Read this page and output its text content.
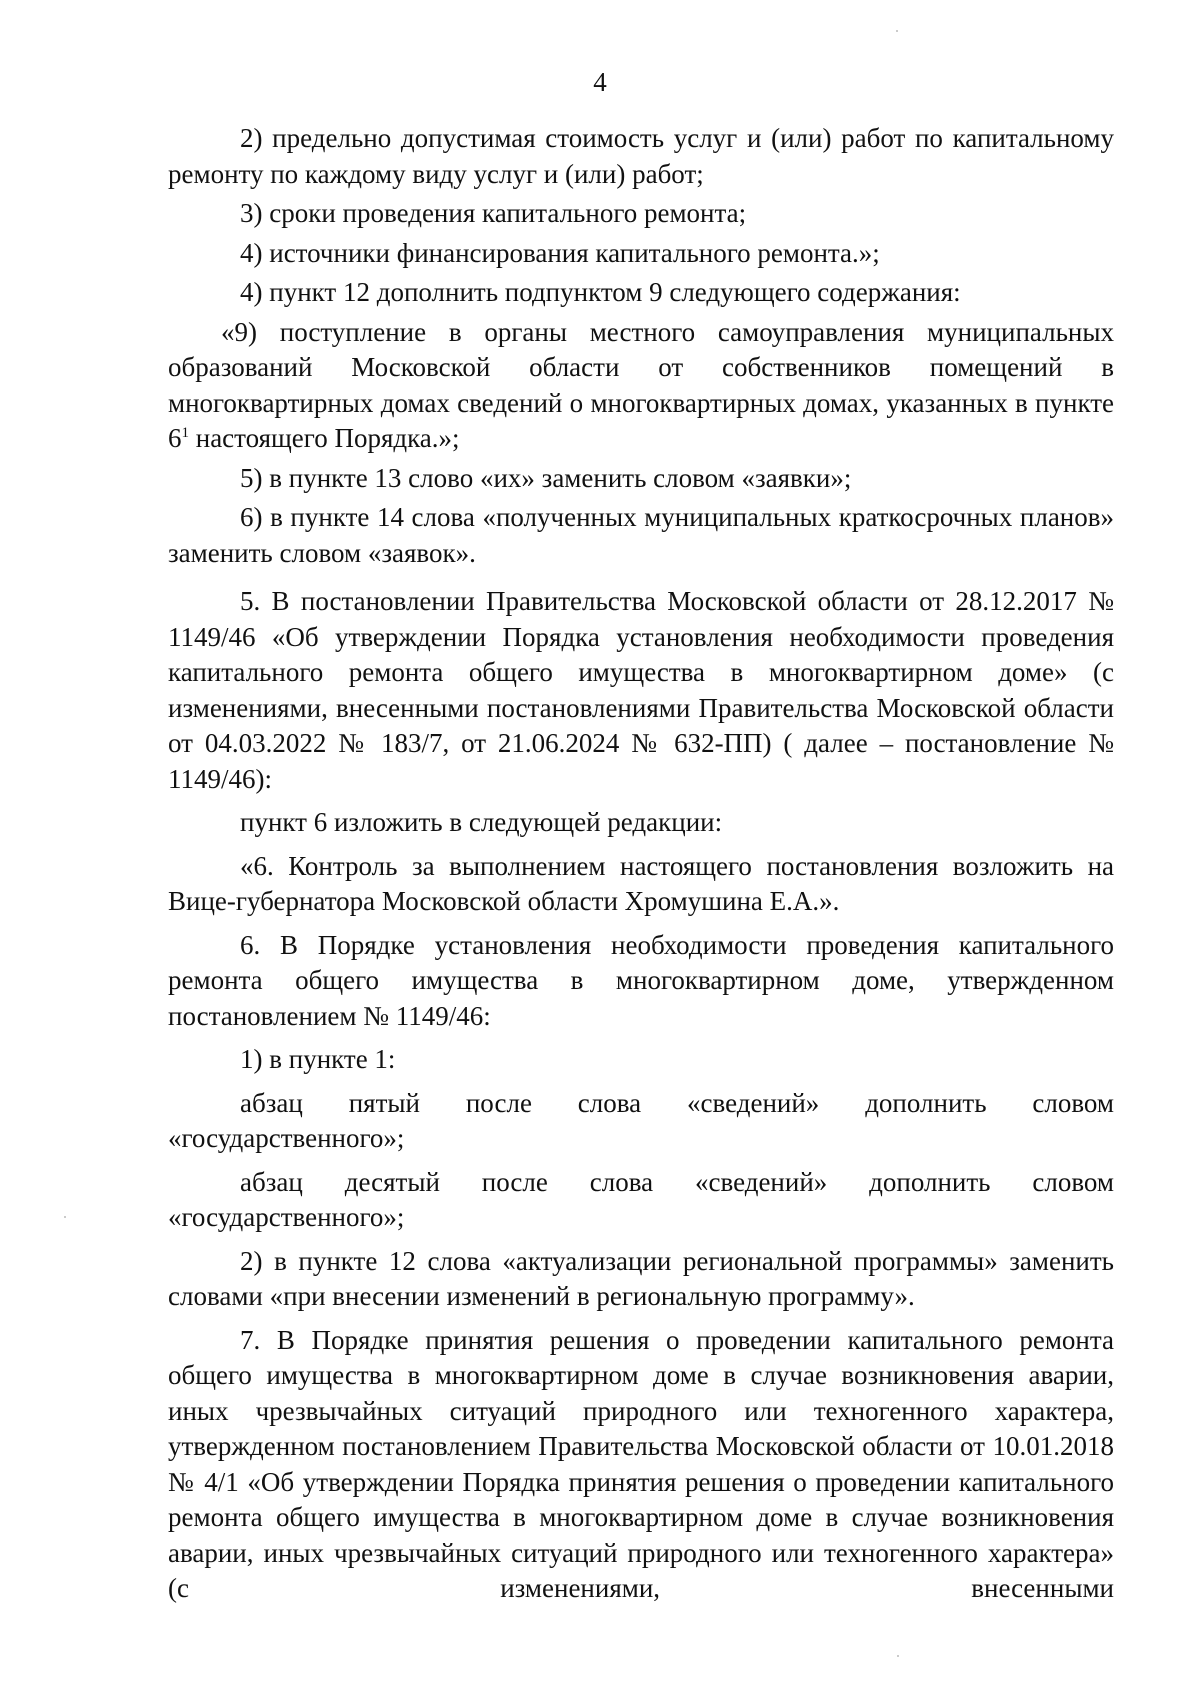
4

2) предельно допустимая стоимость услуг и (или) работ по капитальному ремонту по каждому виду услуг и (или) работ;

3) сроки проведения капитального ремонта;

4) источники финансирования капитального ремонта.»;

4) пункт 12 дополнить подпунктом 9 следующего содержания:

«9) поступление в органы местного самоуправления муниципальных образований Московской области от собственников помещений в многоквартирных домах сведений о многоквартирных домах, указанных в пункте $6^1$ настоящего Порядка.»;

5) в пункте 13 слово «их» заменить словом «заявки»;

6) в пункте 14 слова «полученных муниципальных краткосрочных планов» заменить словом «заявок».

5. В постановлении Правительства Московской области от 28.12.2017 № 1149/46 «Об утверждении Порядка установления необходимости проведения капитального ремонта общего имущества в многоквартирном доме» (с изменениями, внесенными постановлениями Правительства Московской области от 04.03.2022 № 183/7, от 21.06.2024 № 632-ПП) ( далее – постановление № 1149/46):

пункт 6 изложить в следующей редакции:

«6. Контроль за выполнением настоящего постановления возложить на Вице-губернатора Московской области Хромушина Е.А.».

6. В Порядке установления необходимости проведения капитального ремонта общего имущества в многоквартирном доме, утвержденном постановлением № 1149/46:

1) в пункте 1:

абзац пятый после слова «сведений» дополнить словом «государственного»;

абзац десятый после слова «сведений» дополнить словом «государственного»;

2) в пункте 12 слова «актуализации региональной программы» заменить словами «при внесении изменений в региональную программу».

7. В Порядке принятия решения о проведении капитального ремонта общего имущества в многоквартирном доме в случае возникновения аварии, иных чрезвычайных ситуаций природного или техногенного характера, утвержденном постановлением Правительства Московской области от 10.01.2018 № 4/1 «Об утверждении Порядка принятия решения о проведении капитального ремонта общего имущества в многоквартирном доме в случае возникновения аварии, иных чрезвычайных ситуаций природного или техногенного характера» (с изменениями, внесенными
